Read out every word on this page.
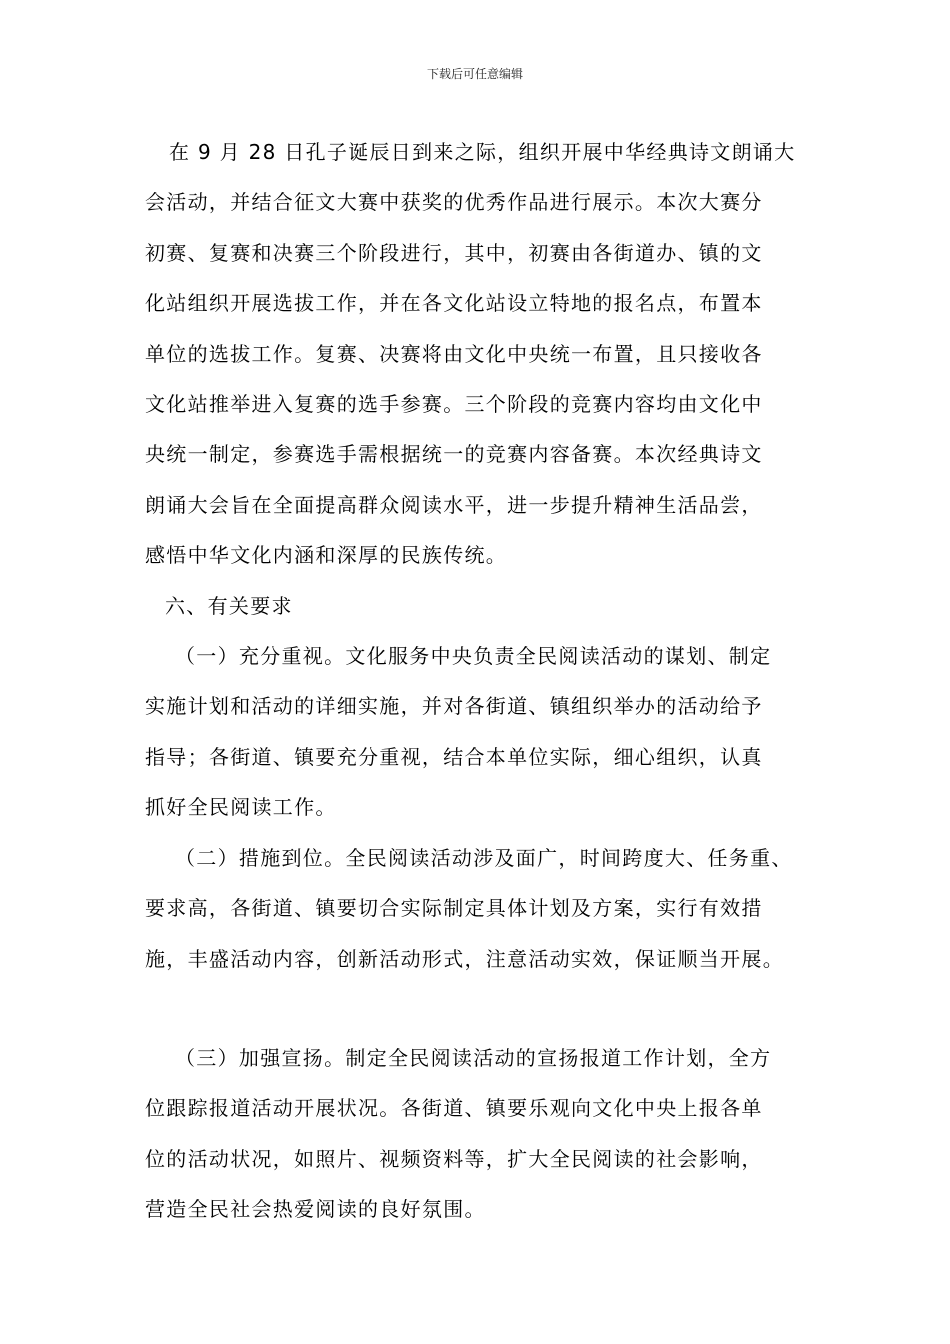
下载后可任意编辑
在 9 月 28 日孔子诞辰日到来之际，组织开展中华经典诗文朗诵大
会活动，并结合征文大赛中获奖的优秀作品进行展示。本次大赛分
初赛、复赛和决赛三个阶段进行，其中，初赛由各街道办、镇的文
化站组织开展选拔工作，并在各文化站设立特地的报名点，布置本
单位的选拔工作。复赛、决赛将由文化中央统一布置，且只接收各
文化站推举进入复赛的选手参赛。三个阶段的竞赛内容均由文化中
央统一制定，参赛选手需根据统一的竞赛内容备赛。本次经典诗文
朗诵大会旨在全面提高群众阅读水平，进一步提升精神生活品尝，
感悟中华文化内涵和深厚的民族传统。
六、有关要求
（一）充分重视。文化服务中央负责全民阅读活动的谋划、制定
实施计划和活动的详细实施，并对各街道、镇组织举办的活动给予
指导；各街道、镇要充分重视，结合本单位实际，细心组织，认真
抓好全民阅读工作。
（二）措施到位。全民阅读活动涉及面广，时间跨度大、任务重、
要求高，各街道、镇要切合实际制定具体计划及方案，实行有效措
施，丰盛活动内容，创新活动形式，注意活动实效，保证顺当开展。
（三）加强宣扬。制定全民阅读活动的宣扬报道工作计划，全方
位跟踪报道活动开展状况。各街道、镇要乐观向文化中央上报各单
位的活动状况，如照片、视频资料等，扩大全民阅读的社会影响，
营造全民社会热爱阅读的良好氛围。
